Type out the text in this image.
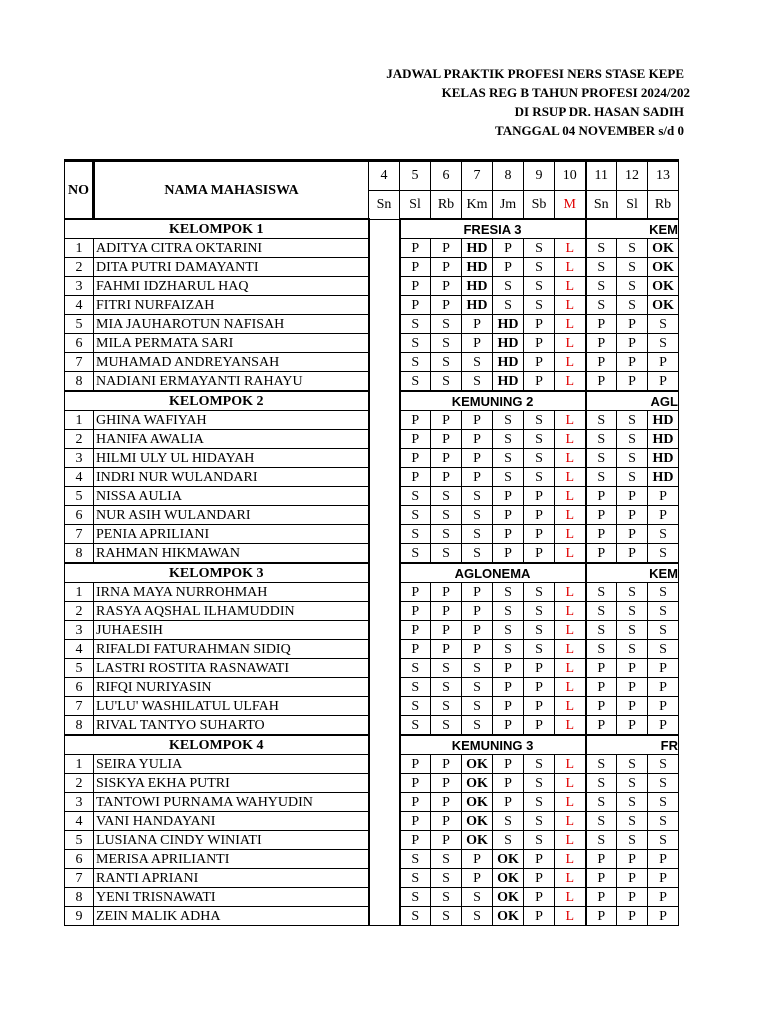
JADWAL PRAKTIK PROFESI NERS STASE KEPE
KELAS REG B TAHUN PROFESI 2024/202
DI RSUP DR. HASAN SADIH
TANGGAL 04 NOVEMBER s/d 0
NO	NAMA MAHASISWA	4	5	6	7	8	9	10	11	12	13
		Sn	Sl	Rb	Km	Jm	Sb	M	Sn	Sl	Rb
KELOMPOK 1			FRESIA 3						KEM		
1	ADITYA CITRA OKTARINI		P	P	HD	P	S	L	S	S	OK
2	DITA PUTRI DAMAYANTI		P	P	HD	P	S	L	S	S	OK
3	FAHMI IDZHARUL HAQ		P	P	HD	S	S	L	S	S	OK
4	FITRI NURFAIZAH		P	P	HD	S	S	L	S	S	OK
5	MIA JAUHAROTUN NAFISAH		S	S	P	HD	P	L	P	P	S
6	MILA PERMATA SARI		S	S	P	HD	P	L	P	P	S
7	MUHAMAD ANDREYANSAH		S	S	S	HD	P	L	P	P	P
8	NADIANI ERMAYANTI RAHAYU		S	S	S	HD	P	L	P	P	P
KELOMPOK 2			KEMUNING 2						AGL		
1	GHINA WAFIYAH		P	P	P	S	S	L	S	S	HD
2	HANIFA AWALIA		P	P	P	S	S	L	S	S	HD
3	HILMI ULY UL HIDAYAH		P	P	P	S	S	L	S	S	HD
4	INDRI NUR WULANDARI		P	P	P	S	S	L	S	S	HD
5	NISSA AULIA		S	S	S	P	P	L	P	P	P
6	NUR ASIH WULANDARI		S	S	S	P	P	L	P	P	P
7	PENIA APRILIANI		S	S	S	P	P	L	P	P	S
8	RAHMAN HIKMAWAN		S	S	S	P	P	L	P	P	S
KELOMPOK 3			AGLONEMA						KEM		
1	IRNA MAYA NURROHMAH		P	P	P	S	S	L	S	S	S
2	RASYA AQSHAL ILHAMUDDIN		P	P	P	S	S	L	S	S	S
3	JUHAESIH		P	P	P	S	S	L	S	S	S
4	RIFALDI FATURAHMAN SIDIQ		P	P	P	S	S	L	S	S	S
5	LASTRI ROSTITA RASNAWATI		S	S	S	P	P	L	P	P	P
6	RIFQI NURIYASIN		S	S	S	P	P	L	P	P	P
7	LU'LU' WASHILATUL ULFAH		S	S	S	P	P	L	P	P	P
8	RIVAL TANTYO SUHARTO		S	S	S	P	P	L	P	P	P
KELOMPOK 4			KEMUNING 3						FR		
1	SEIRA YULIA		P	P	OK	P	S	L	S	S	S
2	SISKYA EKHA PUTRI		P	P	OK	P	S	L	S	S	S
3	TANTOWI PURNAMA WAHYUDIN		P	P	OK	P	S	L	S	S	S
4	VANI HANDAYANI		P	P	OK	S	S	L	S	S	S
5	LUSIANA CINDY WINIATI		P	P	OK	S	S	L	S	S	S
6	MERISA APRILIANTI		S	S	P	OK	P	L	P	P	P
7	RANTI APRIANI		S	S	P	OK	P	L	P	P	P
8	YENI TRISNAWATI		S	S	S	OK	P	L	P	P	P
9	ZEIN MALIK ADHA		S	S	S	OK	P	L	P	P	P
